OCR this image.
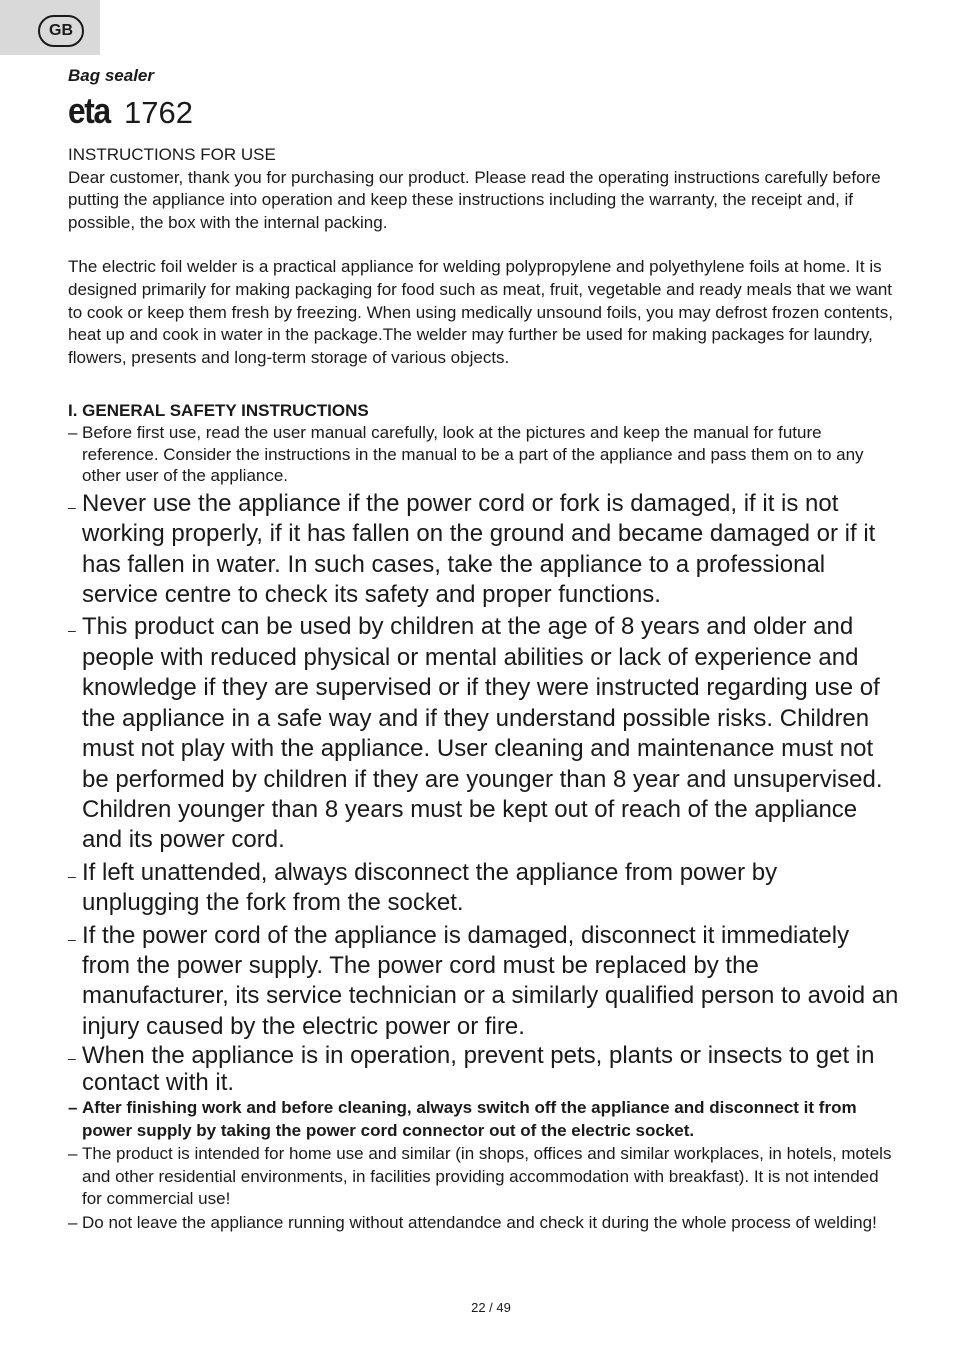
GB
Bag sealer
eta 1762
INSTRUCTIONS FOR USE
Dear customer, thank you for purchasing our product. Please read the operating instructions carefully before putting the appliance into operation and keep these instructions including the warranty, the receipt and, if possible, the box with the internal packing.
The electric foil welder is a practical appliance for welding polypropylene and polyethylene foils at home. It is designed primarily for making packaging for food such as meat, fruit, vegetable and ready meals that we want to cook or keep them fresh by freezing. When using medically unsound foils, you may defrost frozen contents, heat up and cook in water in the package.The welder may further be used for making packages for laundry, flowers, presents and long-term storage of various objects.
I. GENERAL SAFETY INSTRUCTIONS
– Before first use, read the user manual carefully, look at the pictures and keep the manual for future reference. Consider the instructions in the manual to be a part of the appliance and pass them on to any other user of the appliance.
– Never use the appliance if the power cord or fork is damaged, if it is not working properly, if it has fallen on the ground and became damaged or if it has fallen in water. In such cases, take the appliance to a professional service centre to check its safety and proper functions.
– This product can be used by children at the age of 8 years and older and people with reduced physical or mental abilities or lack of experience and knowledge if they are supervised or if they were instructed regarding use of the appliance in a safe way and if they understand possible risks. Children must not play with the appliance. User cleaning and maintenance must not be performed by children if they are younger than 8 year and unsupervised. Children younger than 8 years must be kept out of reach of the appliance and its power cord.
– If left unattended, always disconnect the appliance from power by unplugging the fork from the socket.
– If the power cord of the appliance is damaged, disconnect it immediately from the power supply. The power cord must be replaced by the manufacturer, its service technician or a similarly qualified person to avoid an injury caused by the electric power or fire.
– When the appliance is in operation, prevent pets, plants or insects to get in contact with it.
– After finishing work and before cleaning, always switch off the appliance and disconnect it from power supply by taking the power cord connector out of the electric socket.
– The product is intended for home use and similar (in shops, offices and similar workplaces, in hotels, motels and other residential environments, in facilities providing accommodation with breakfast). It is not intended for commercial use!
– Do not leave the appliance running without attendandce and check it during the whole process of welding!
22 / 49
